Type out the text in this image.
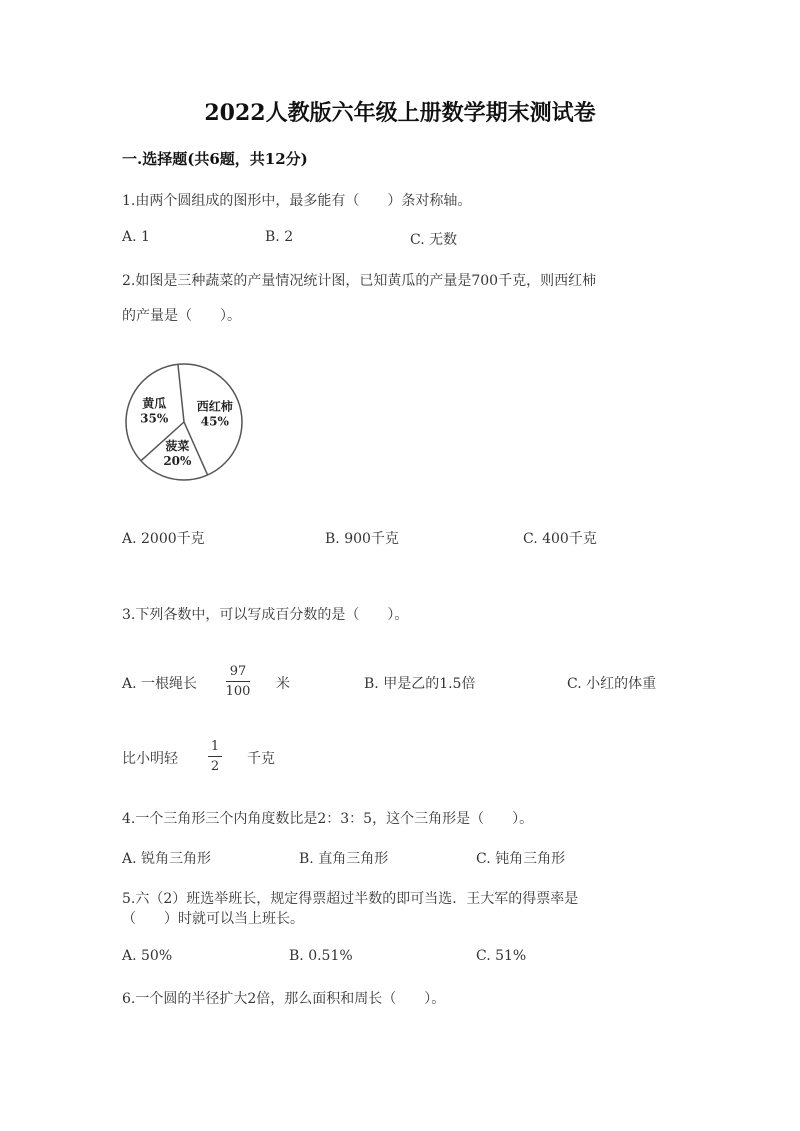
2022人教版六年级上册数学期末测试卷
一.选择题(共6题，共12分)
1.由两个圆组成的图形中，最多能有（　　）条对称轴。
A. 1	B. 2	C. 无数
2.如图是三种蔬菜的产量情况统计图，已知黄瓜的产量是700千克，则西红柿
的产量是（　　）。
西红柿
45%
菠菜
20%
黄瓜
35%
A. 2000千克	B. 900千克	C. 400千克
3.下列各数中，可以写成百分数的是（　　）。
A. 一根绳长
97
100 米	B. 甲是乙的1.5倍	C. 小红的体重
比小明轻
1
2 千克
4.一个三角形三个内角度数比是2：3：5，这个三角形是（　　）。
A. 锐角三角形	B. 直角三角形	C. 钝角三角形
5.六（2）班选举班长，规定得票超过半数的即可当选．王大军的得票率是
（　　）时就可以当上班长。
A. 50%	B. 0.51%	C. 51%
6.一个圆的半径扩大2倍，那么面积和周长（　　）。
